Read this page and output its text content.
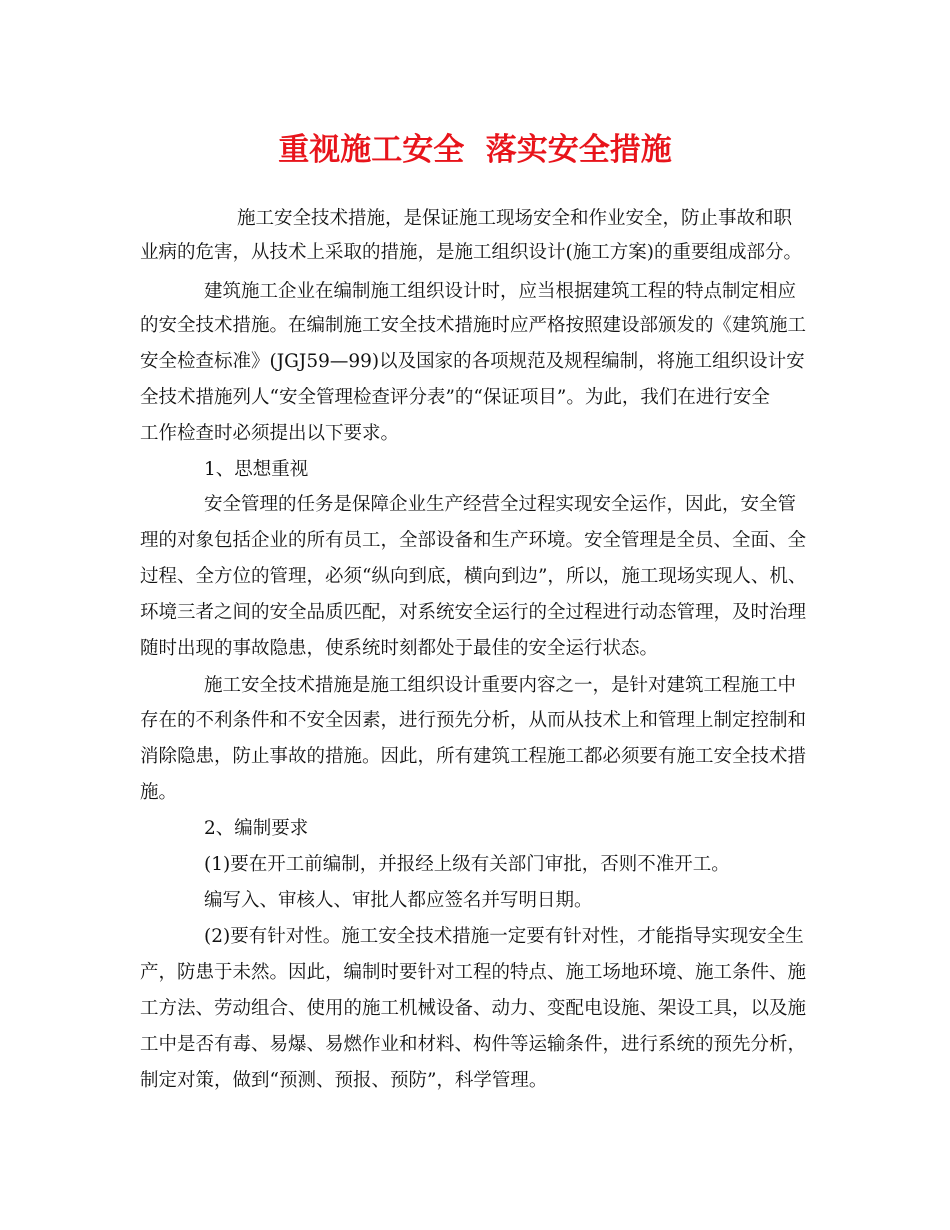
重视施工安全  落实安全措施

施工安全技术措施，是保证施工现场安全和作业安全，防止事故和职

业病的危害，从技术上采取的措施，是施工组织设计(施工方案)的重要组成部分。

建筑施工企业在编制施工组织设计时，应当根据建筑工程的特点制定相应

的安全技术措施。在编制施工安全技术措施时应严格按照建设部颁发的《建筑施工

安全检查标准》(JGJ59—99)以及国家的各项规范及规程编制，将施工组织设计安

全技术措施列人“安全管理检查评分表”的“保证项目”。为此，我们在进行安全

工作检查时必须提出以下要求。

1、思想重视

安全管理的任务是保障企业生产经营全过程实现安全运作，因此，安全管

理的对象包括企业的所有员工，全部设备和生产环境。安全管理是全员、全面、全

过程、全方位的管理，必须“纵向到底，横向到边”，所以，施工现场实现人、机、

环境三者之间的安全品质匹配，对系统安全运行的全过程进行动态管理，及时治理

随时出现的事故隐患，使系统时刻都处于最佳的安全运行状态。

施工安全技术措施是施工组织设计重要内容之一，是针对建筑工程施工中

存在的不利条件和不安全因素，进行预先分析，从而从技术上和管理上制定控制和

消除隐患，防止事故的措施。因此，所有建筑工程施工都必须要有施工安全技术措

施。

2、编制要求

(1)要在开工前编制，并报经上级有关部门审批，否则不准开工。

编写入、审核人、审批人都应签名并写明日期。

(2)要有针对性。施工安全技术措施一定要有针对性，才能指导实现安全生

产，防患于未然。因此，编制时要针对工程的特点、施工场地环境、施工条件、施

工方法、劳动组合、使用的施工机械设备、动力、变配电设施、架设工具，以及施

工中是否有毒、易爆、易燃作业和材料、构件等运输条件，进行系统的预先分析，

制定对策，做到“预测、预报、预防”，科学管理。
